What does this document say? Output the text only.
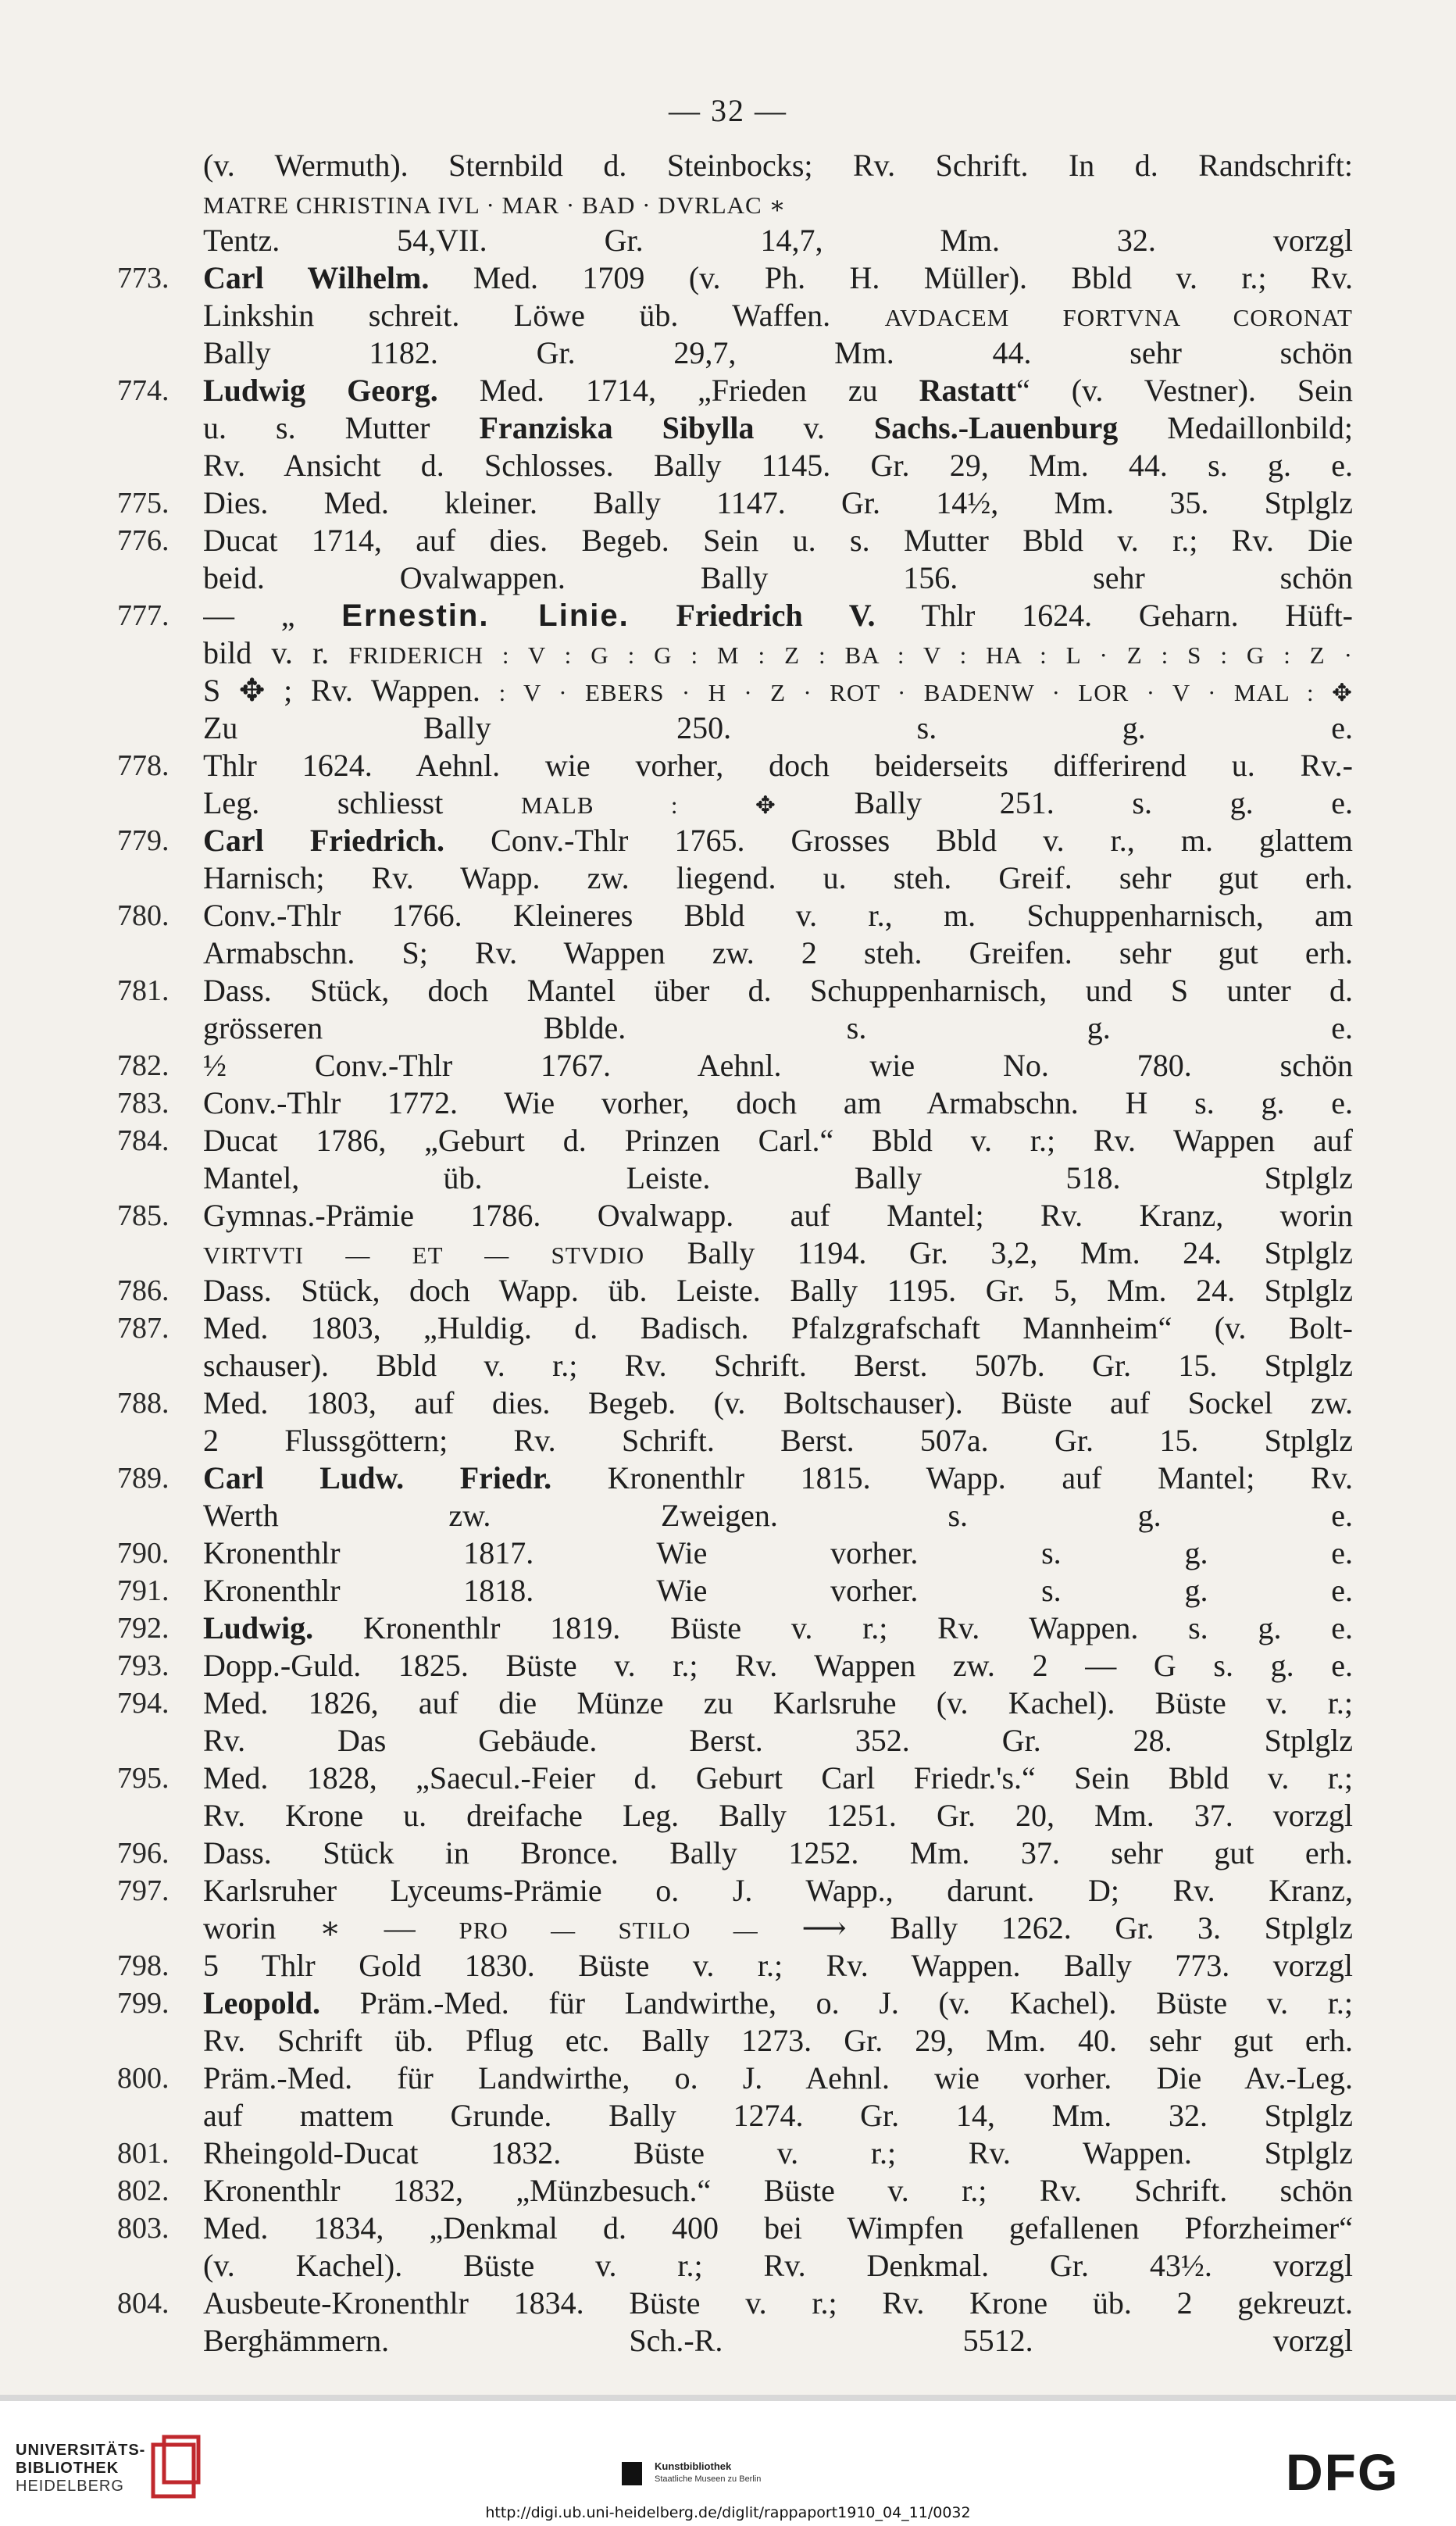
— 32 —
(v. Wermuth). Sternbild d. Steinbocks; Rv. Schrift. In d. Randschrift:
MATRE CHRISTINA IVL · MAR · BAD · DVRLAC ∗
Tentz. 54,VII. Gr. 14,7, Mm. 32. vorzgl
773.	Carl Wilhelm. Med. 1709 (v. Ph. H. Müller). Bbld v. r.; Rv.
Linkshin schreit. Löwe üb. Waffen. AVDACEM FORTVNA CORONAT
Bally 1182. Gr. 29,7, Mm. 44. sehr schön
774.	Ludwig Georg. Med. 1714, „Frieden zu Rastatt“ (v. Vestner). Sein
u. s. Mutter Franziska Sibylla v. Sachs.-Lauenburg Medaillonbild;
Rv. Ansicht d. Schlosses. Bally 1145. Gr. 29, Mm. 44. s. g. e.
775.	Dies. Med. kleiner. Bally 1147. Gr. 14½, Mm. 35. Stplglz
776.	Ducat 1714, auf dies. Begeb. Sein u. s. Mutter Bbld v. r.; Rv. Die
beid. Ovalwappen. Bally 156. sehr schön
777.	— „ Ernestin. Linie. Friedrich V. Thlr 1624. Geharn. Hüft-
bild v. r. FRIDERICH : V : G : G : M : Z : BA : V : HA : L · Z : S : G : Z ·
S ✥ ; Rv. Wappen. : V · EBERS · H · Z · ROT · BADENW · LOR · V · MAL : ✥
Zu Bally 250. s. g. e.
778.	Thlr 1624. Aehnl. wie vorher, doch beiderseits differirend u. Rv.-
Leg. schliesst MALB : ✥ Bally 251. s. g. e.
779.	Carl Friedrich. Conv.-Thlr 1765. Grosses Bbld v. r., m. glattem
Harnisch; Rv. Wapp. zw. liegend. u. steh. Greif. sehr gut erh.
780.	Conv.-Thlr 1766. Kleineres Bbld v. r., m. Schuppenharnisch, am
Armabschn. S; Rv. Wappen zw. 2 steh. Greifen. sehr gut erh.
781.	Dass. Stück, doch Mantel über d. Schuppenharnisch, und S unter d.
grösseren Bblde. s. g. e.
782.	½ Conv.-Thlr 1767. Aehnl. wie No. 780. schön
783.	Conv.-Thlr 1772. Wie vorher, doch am Armabschn. H s. g. e.
784.	Ducat 1786, „Geburt d. Prinzen Carl.“ Bbld v. r.; Rv. Wappen auf
Mantel, üb. Leiste. Bally 518. Stplglz
785.	Gymnas.-Prämie 1786. Ovalwapp. auf Mantel; Rv. Kranz, worin
VIRTVTI — ET — STVDIO Bally 1194. Gr. 3,2, Mm. 24. Stplglz
786.	Dass. Stück, doch Wapp. üb. Leiste. Bally 1195. Gr. 5, Mm. 24. Stplglz
787.	Med. 1803, „Huldig. d. Badisch. Pfalzgrafschaft Mannheim“ (v. Bolt-
schauser). Bbld v. r.; Rv. Schrift. Berst. 507b. Gr. 15. Stplglz
788.	Med. 1803, auf dies. Begeb. (v. Boltschauser). Büste auf Sockel zw.
2 Flussgöttern; Rv. Schrift. Berst. 507a. Gr. 15. Stplglz
789.	Carl Ludw. Friedr. Kronenthlr 1815. Wapp. auf Mantel; Rv.
Werth zw. Zweigen. s. g. e.
790.	Kronenthlr 1817. Wie vorher. s. g. e.
791.	Kronenthlr 1818. Wie vorher. s. g. e.
792.	Ludwig. Kronenthlr 1819. Büste v. r.; Rv. Wappen. s. g. e.
793.	Dopp.-Guld. 1825. Büste v. r.; Rv. Wappen zw. 2 — G s. g. e.
794.	Med. 1826, auf die Münze zu Karlsruhe (v. Kachel). Büste v. r.;
Rv. Das Gebäude. Berst. 352. Gr. 28. Stplglz
795.	Med. 1828, „Saecul.-Feier d. Geburt Carl Friedr.'s.“ Sein Bbld v. r.;
Rv. Krone u. dreifache Leg. Bally 1251. Gr. 20, Mm. 37. vorzgl
796.	Dass. Stück in Bronce. Bally 1252. Mm. 37. sehr gut erh.
797.	Karlsruher Lyceums-Prämie o. J. Wapp., darunt. D; Rv. Kranz,
worin ∗ — PRO — STILO — ⟶ Bally 1262. Gr. 3. Stplglz
798.	5 Thlr Gold 1830. Büste v. r.; Rv. Wappen. Bally 773. vorzgl
799.	Leopold. Präm.-Med. für Landwirthe, o. J. (v. Kachel). Büste v. r.;
Rv. Schrift üb. Pflug etc. Bally 1273. Gr. 29, Mm. 40. sehr gut erh.
800.	Präm.-Med. für Landwirthe, o. J. Aehnl. wie vorher. Die Av.-Leg.
auf mattem Grunde. Bally 1274. Gr. 14, Mm. 32. Stplglz
801.	Rheingold-Ducat 1832. Büste v. r.; Rv. Wappen. Stplglz
802.	Kronenthlr 1832, „Münzbesuch.“ Büste v. r.; Rv. Schrift. schön
803.	Med. 1834, „Denkmal d. 400 bei Wimpfen gefallenen Pforzheimer“
(v. Kachel). Büste v. r.; Rv. Denkmal. Gr. 43½. vorzgl
804.	Ausbeute-Kronenthlr 1834. Büste v. r.; Rv. Krone üb. 2 gekreuzt.
Berghämmern. Sch.-R. 5512. vorzgl
UNIVERSITÄTS-
BIBLIOTHEK
HEIDELBERG
Kunstbibliothek
Staatliche Museen zu Berlin	DFG
http://digi.ub.uni-heidelberg.de/diglit/rappaport1910_04_11/0032
